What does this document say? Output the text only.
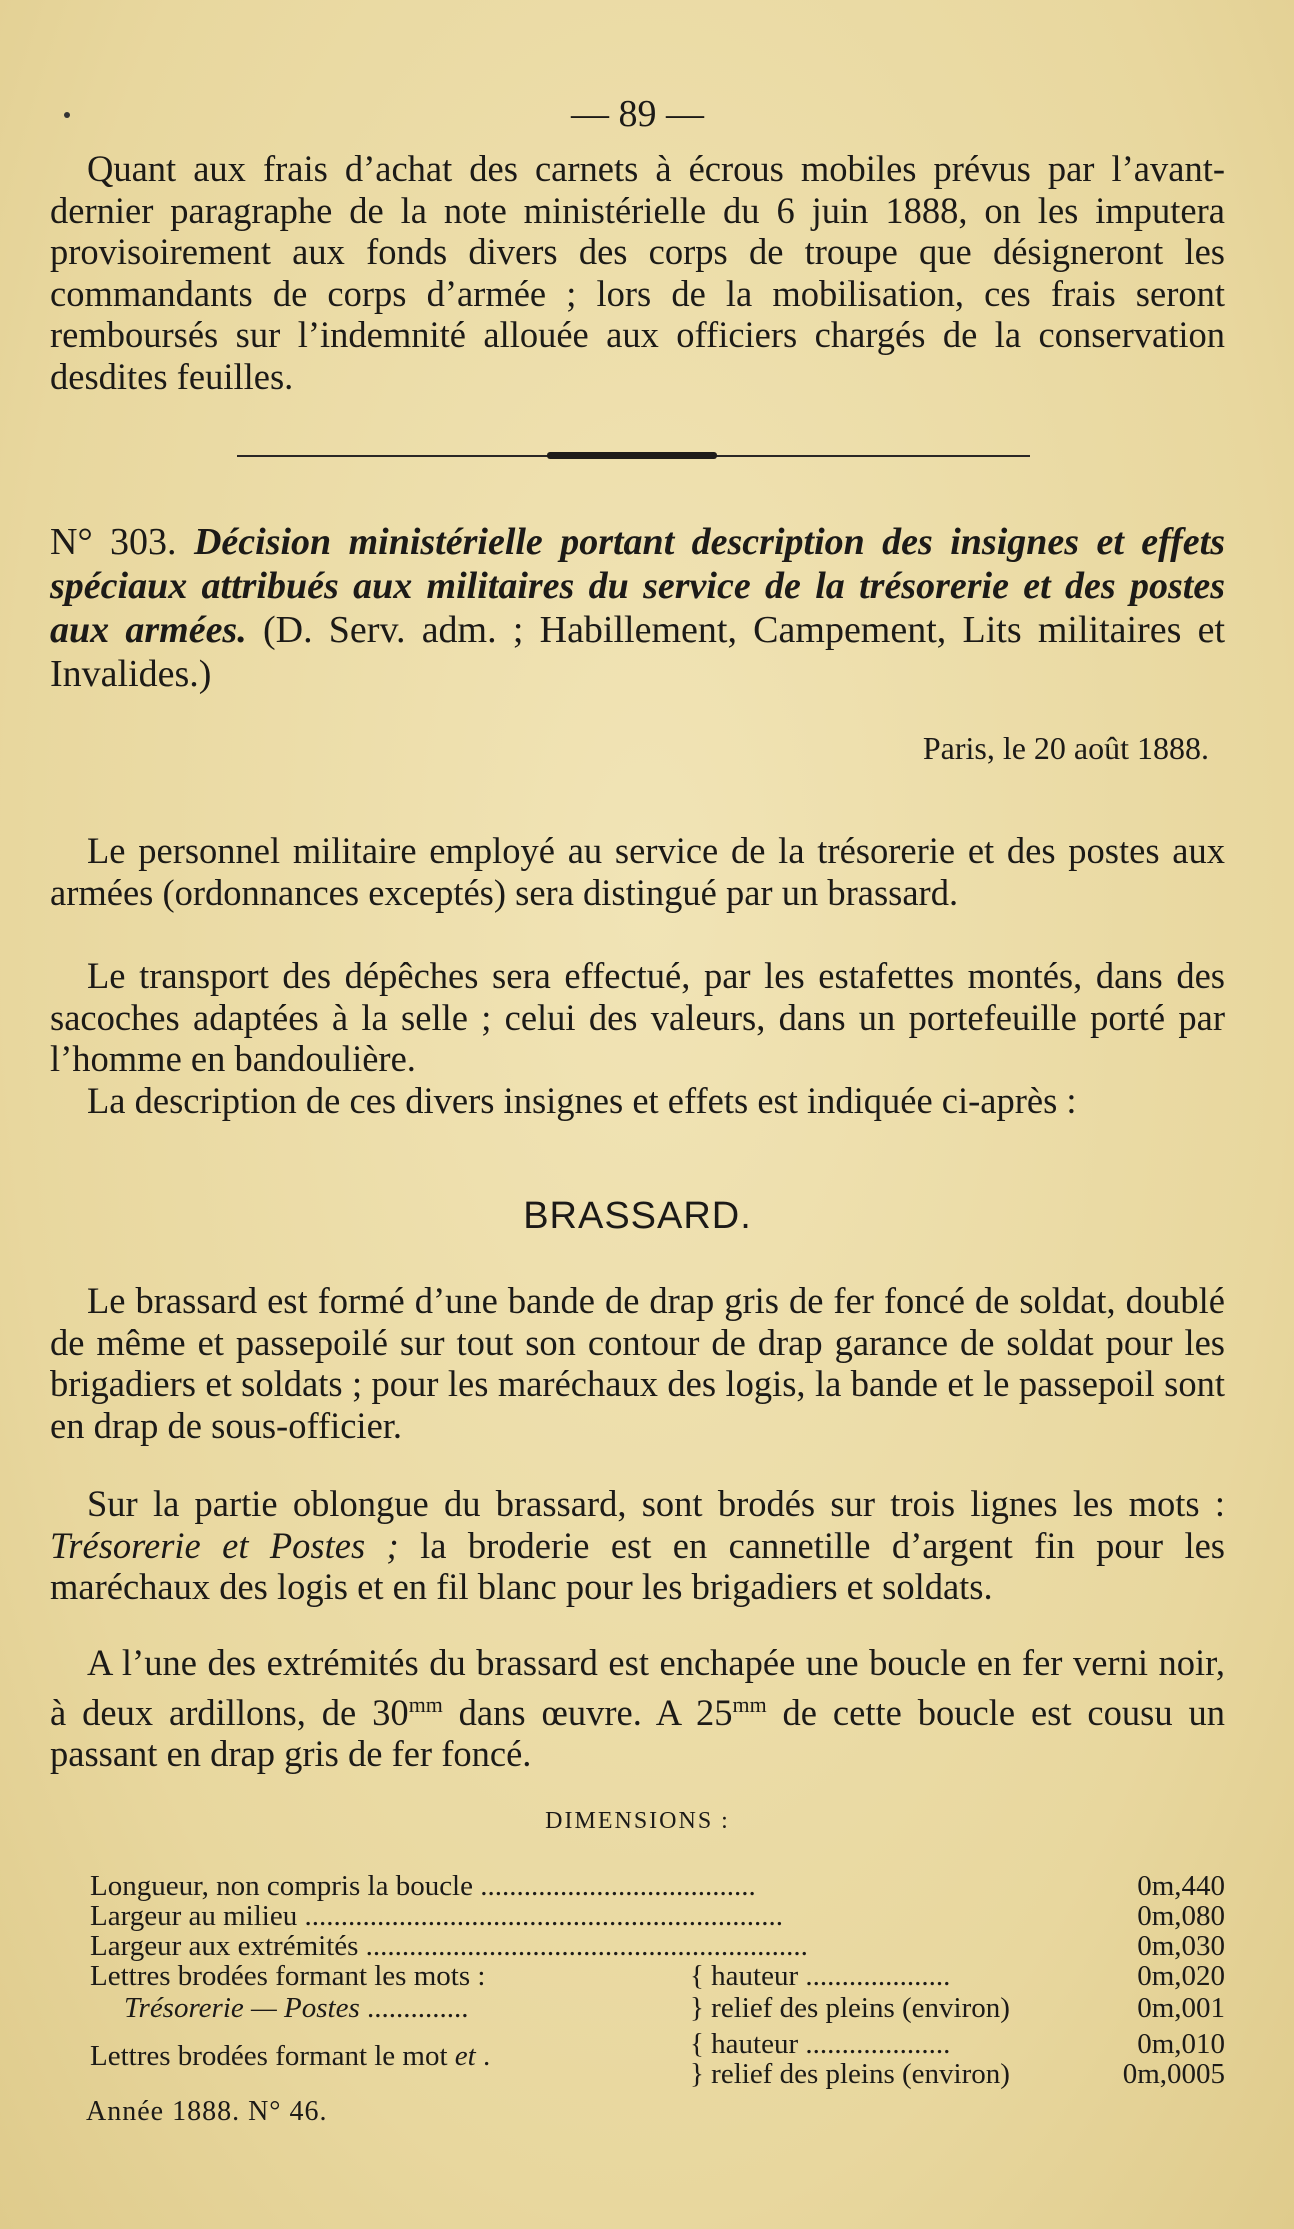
— 89 —
Quant aux frais d’achat des carnets à écrous mobiles prévus par l’avant-dernier paragraphe de la note ministérielle du 6 juin 1888, on les imputera provisoirement aux fonds divers des corps de troupe que désigneront les commandants de corps d’armée ; lors de la mobilisation, ces frais seront remboursés sur l’indemnité allouée aux officiers chargés de la conservation desdites feuilles.
N° 303. Décision ministérielle portant description des insignes et effets spéciaux attribués aux militaires du service de la trésorerie et des postes aux armées. (D. Serv. adm. ; Habillement, Campement, Lits militaires et Invalides.)
Paris, le 20 août 1888.
Le personnel militaire employé au service de la trésorerie et des postes aux armées (ordonnances exceptés) sera distingué par un brassard.
Le transport des dépêches sera effectué, par les estafettes montés, dans des sacoches adaptées à la selle ; celui des valeurs, dans un portefeuille porté par l’homme en bandoulière.
La description de ces divers insignes et effets est indiquée ci-après :
BRASSARD.
Le brassard est formé d’une bande de drap gris de fer foncé de soldat, doublé de même et passepoilé sur tout son contour de drap garance de soldat pour les brigadiers et soldats ; pour les maréchaux des logis, la bande et le passepoil sont en drap de sous-officier.
Sur la partie oblongue du brassard, sont brodés sur trois lignes les mots : Trésorerie et Postes ; la broderie est en cannetille d’argent fin pour les maréchaux des logis et en fil blanc pour les brigadiers et soldats.
A l’une des extrémités du brassard est enchapée une boucle en fer verni noir, à deux ardillons, de $30^{mm}$ dans œuvre. A $25^{mm}$ de cette boucle est cousu un passant en drap gris de fer foncé.
DIMENSIONS :
Longueur, non compris la boucle ......................................	0m,440
Largeur au milieu ..................................................................	0m,080
Largeur aux extrémités .............................................................	0m,030
Lettres brodées formant les mots :	{ hauteur ....................	0m,020
Trésorerie — Postes ..............	} relief des pleins (environ)	0m,001
Lettres brodées formant le mot et .	{ hauteur ....................	0m,010
} relief des pleins (environ)	0m,0005
Année 1888. N° 46.
